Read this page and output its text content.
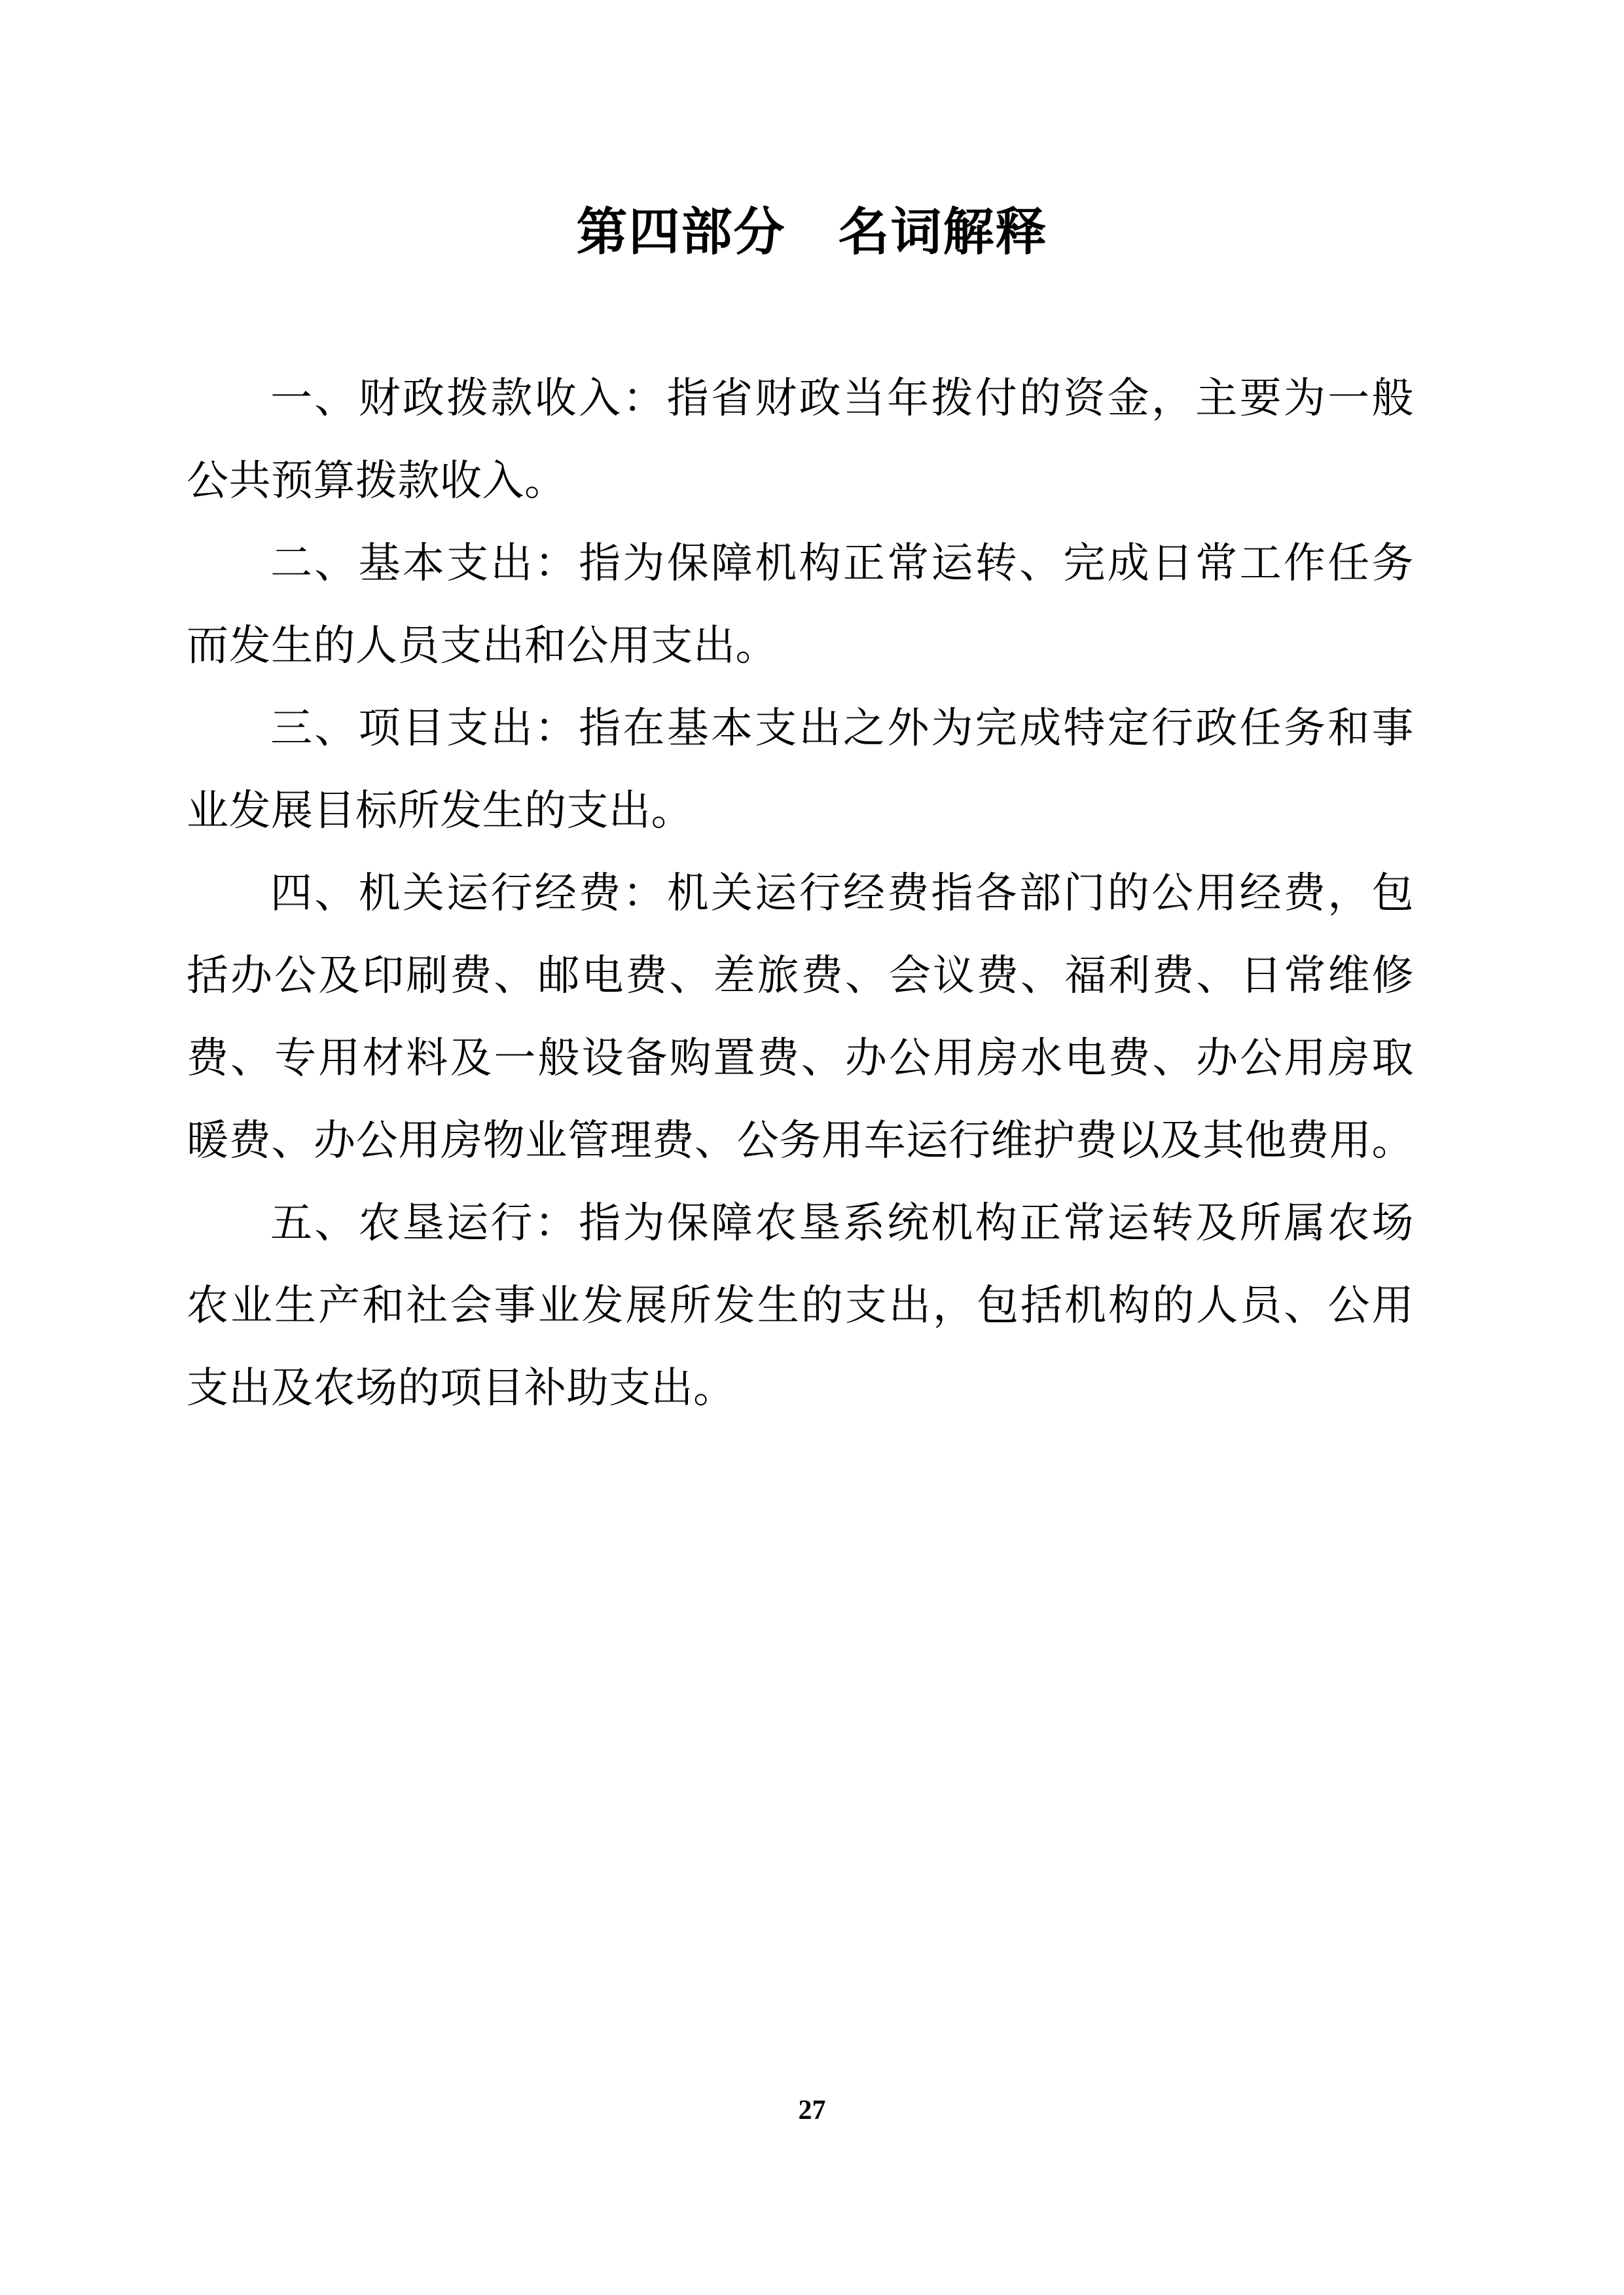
第四部分　名词解释
一、财政拨款收入：指省财政当年拨付的资金，主要为一般
公共预算拨款收入。
二、基本支出：指为保障机构正常运转、完成日常工作任务
而发生的人员支出和公用支出。
三、项目支出：指在基本支出之外为完成特定行政任务和事
业发展目标所发生的支出。
四、机关运行经费：机关运行经费指各部门的公用经费，包
括办公及印刷费、邮电费、差旅费、会议费、福利费、日常维修
费、专用材料及一般设备购置费、办公用房水电费、办公用房取
暖费、办公用房物业管理费、公务用车运行维护费以及其他费用。
五、农垦运行：指为保障农垦系统机构正常运转及所属农场
农业生产和社会事业发展所发生的支出，包括机构的人员、公用
支出及农场的项目补助支出。
27
